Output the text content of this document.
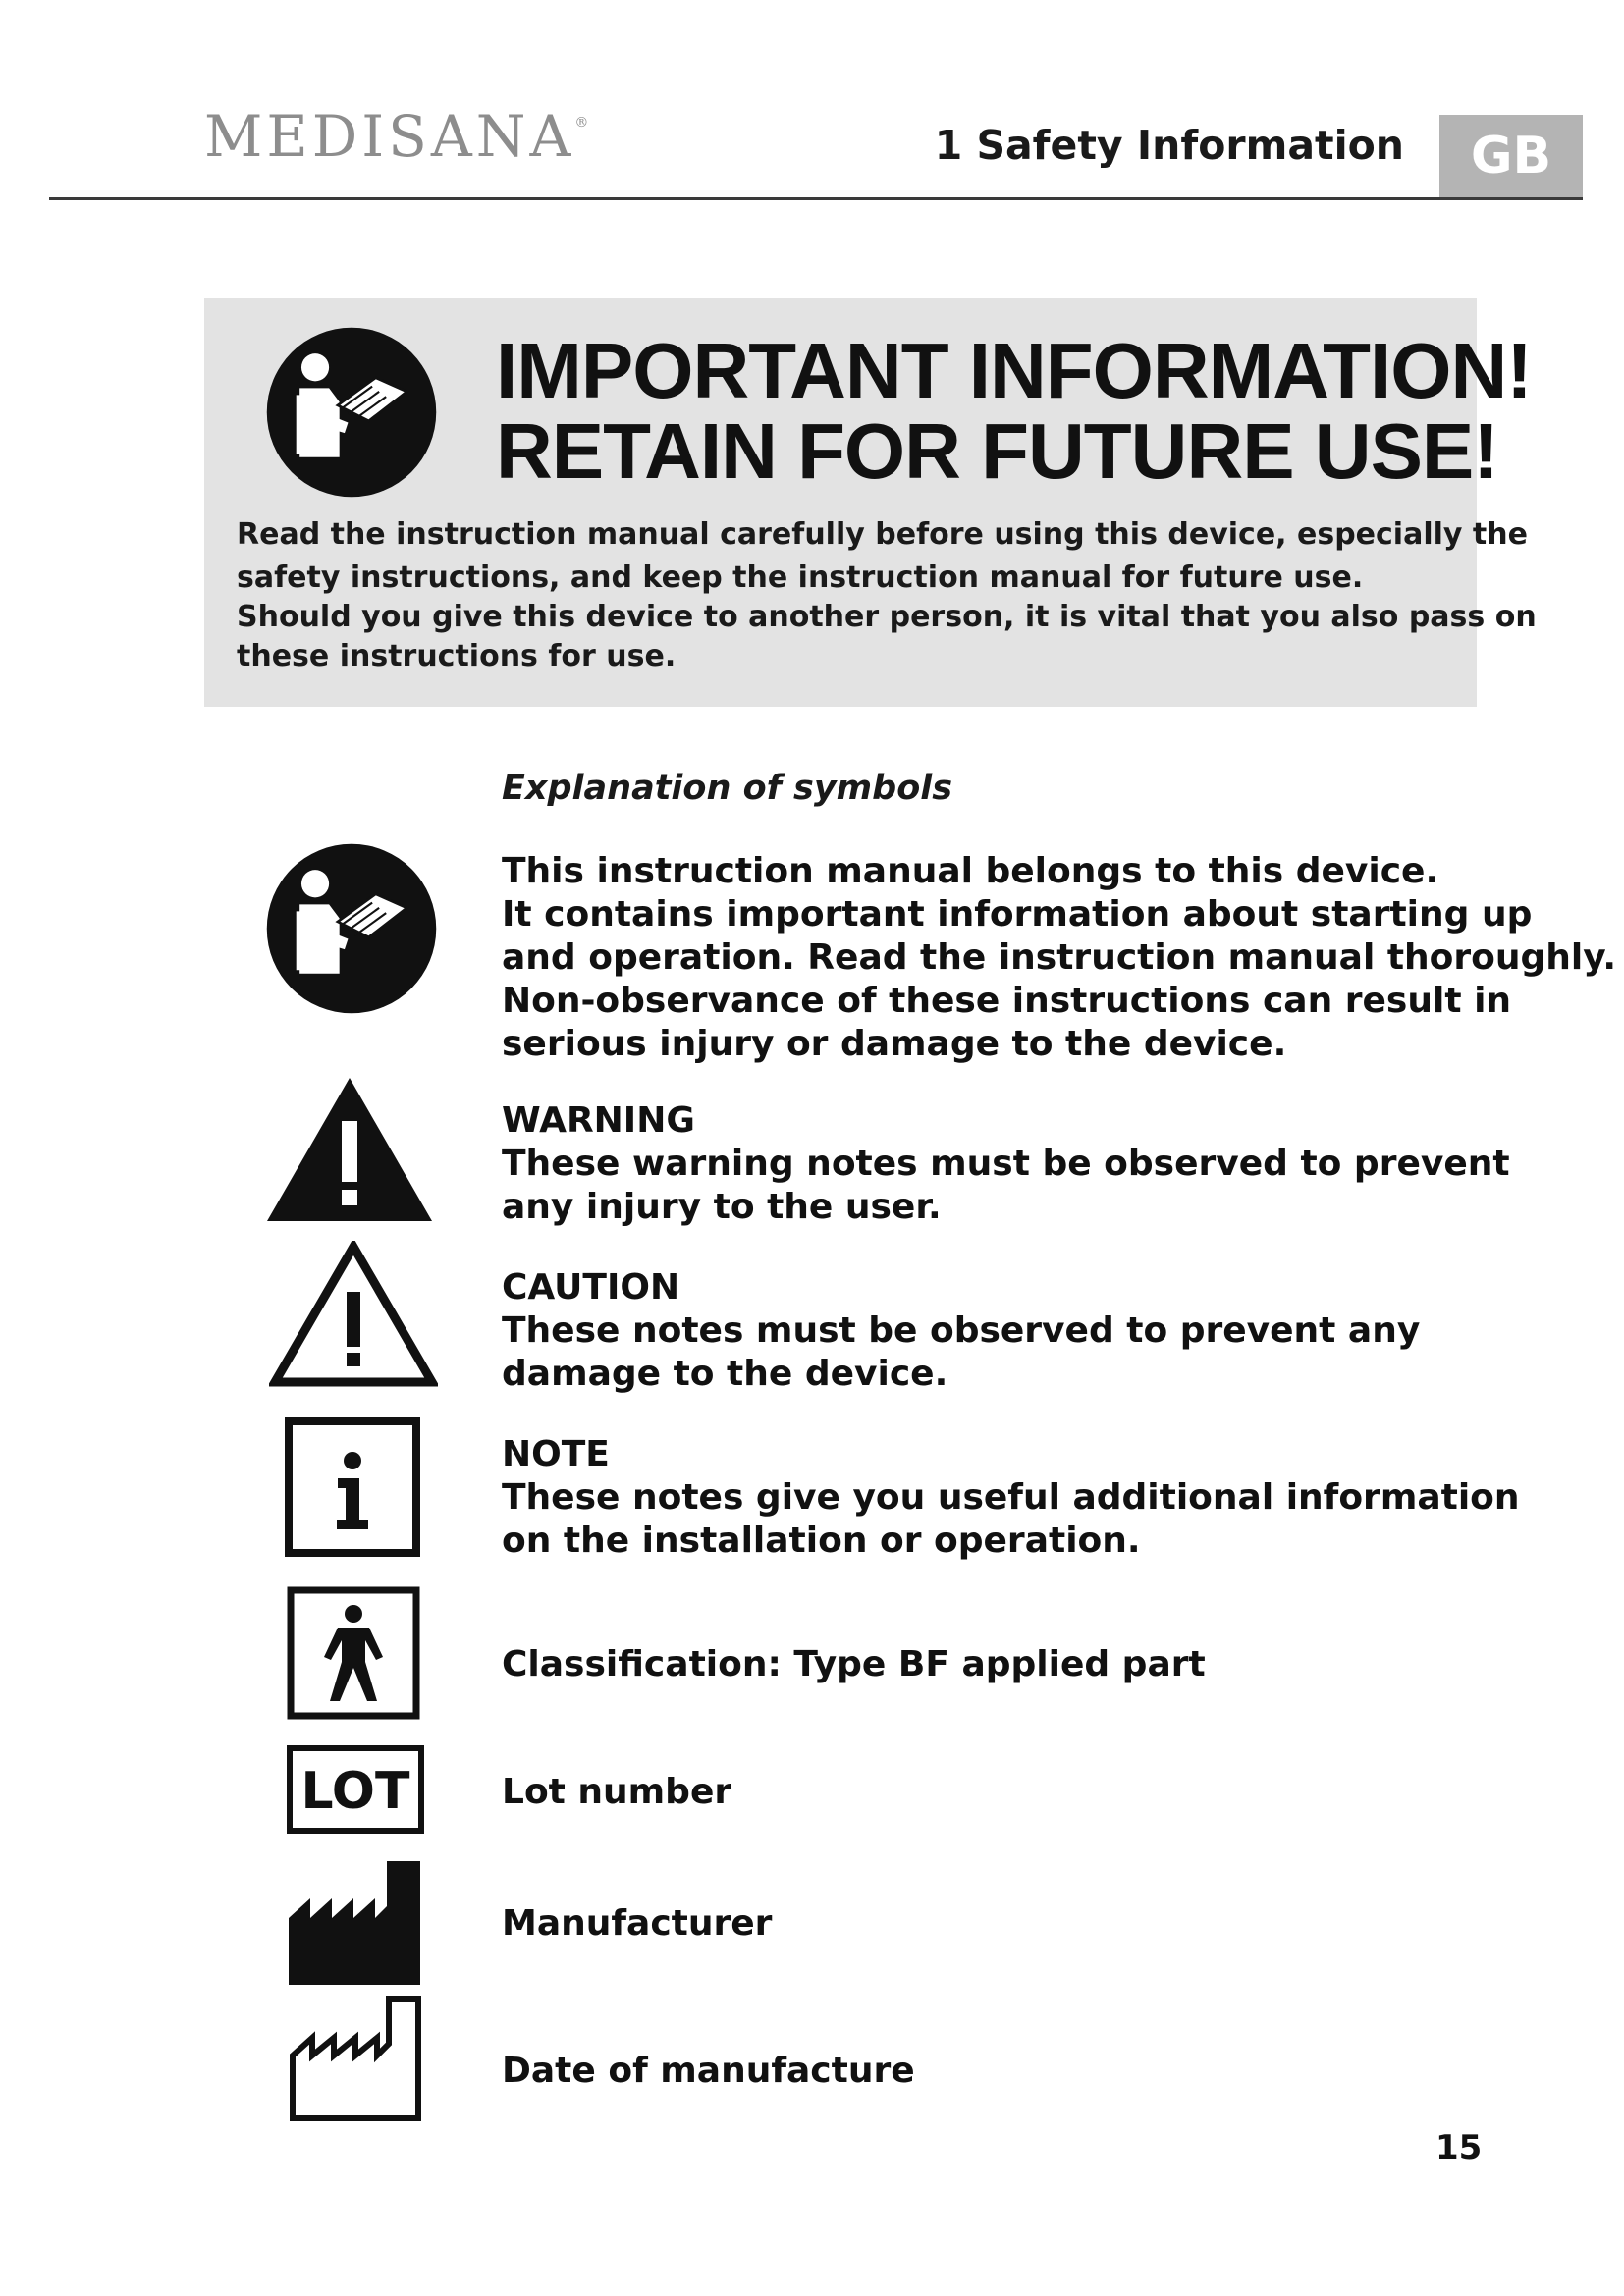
MEDISANA®	1 Safety Information	GB
IMPORTANT INFORMATION!
RETAIN FOR FUTURE USE!
Read the instruction manual carefully before using this device, especially the
safety instructions, and keep the instruction manual for future use.
Should you give this device to another person, it is vital that you also pass on
these instructions for use.
Explanation of symbols

This instruction manual belongs to this device.

It contains important information about starting up

and operation. Read the instruction manual thoroughly.

Non-observance of these instructions can result in

serious injury or damage to the device.

WARNING

These warning notes must be observed to prevent

any injury to the user.

CAUTION

These notes must be observed to prevent any

damage to the device.

NOTE

These notes give you useful additional information

on the installation or operation.

Classification: Type BF applied part

LOT	Lot number

Manufacturer

Date of manufacture

15
